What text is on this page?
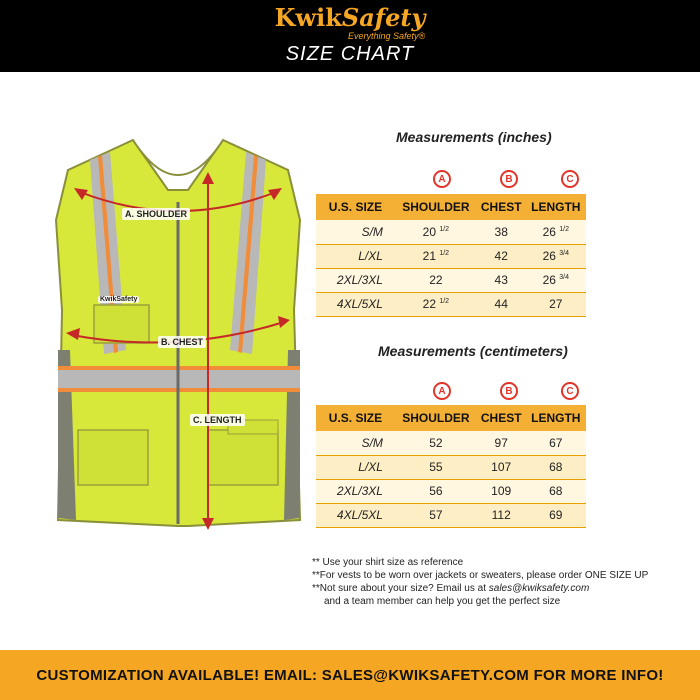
KwikSafety
Everything Safety®
SIZE CHART
A. SHOULDER
B. CHEST
C. LENGTH
KwikSafety
Measurements (inches)
A	B	C
U.S. SIZE	SHOULDER	CHEST	LENGTH
S/M	20 $^{1/2}$	38	26 $^{1/2}$
L/XL	21 $^{1/2}$	42	26 $^{3/4}$
2XL/3XL	22	43	26 $^{3/4}$
4XL/5XL	22 $^{1/2}$	44	27
Measurements (centimeters)
A	B	C
U.S. SIZE	SHOULDER	CHEST	LENGTH
S/M	52	97	67
L/XL	55	107	68
2XL/3XL	56	109	68
4XL/5XL	57	112	69
** Use your shirt size as reference
**For vests to be worn over jackets or sweaters, please order ONE SIZE UP
**Not sure about your size? Email us at sales@kwiksafety.com
and a team member can help you get the perfect size
CUSTOMIZATION AVAILABLE! EMAIL: SALES@KWIKSAFETY.COM FOR MORE INFO!
